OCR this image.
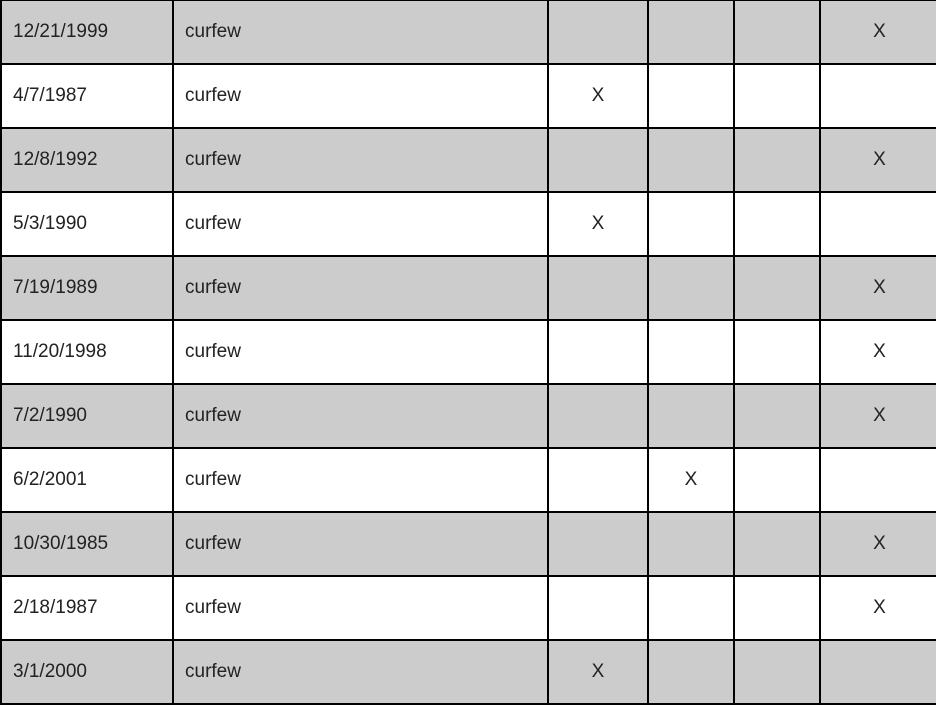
12/21/1999	curfew				X
4/7/1987	curfew	X			
12/8/1992	curfew				X
5/3/1990	curfew	X			
7/19/1989	curfew				X
11/20/1998	curfew				X
7/2/1990	curfew				X
6/2/2001	curfew		X		
10/30/1985	curfew				X
2/18/1987	curfew				X
3/1/2000	curfew	X			
